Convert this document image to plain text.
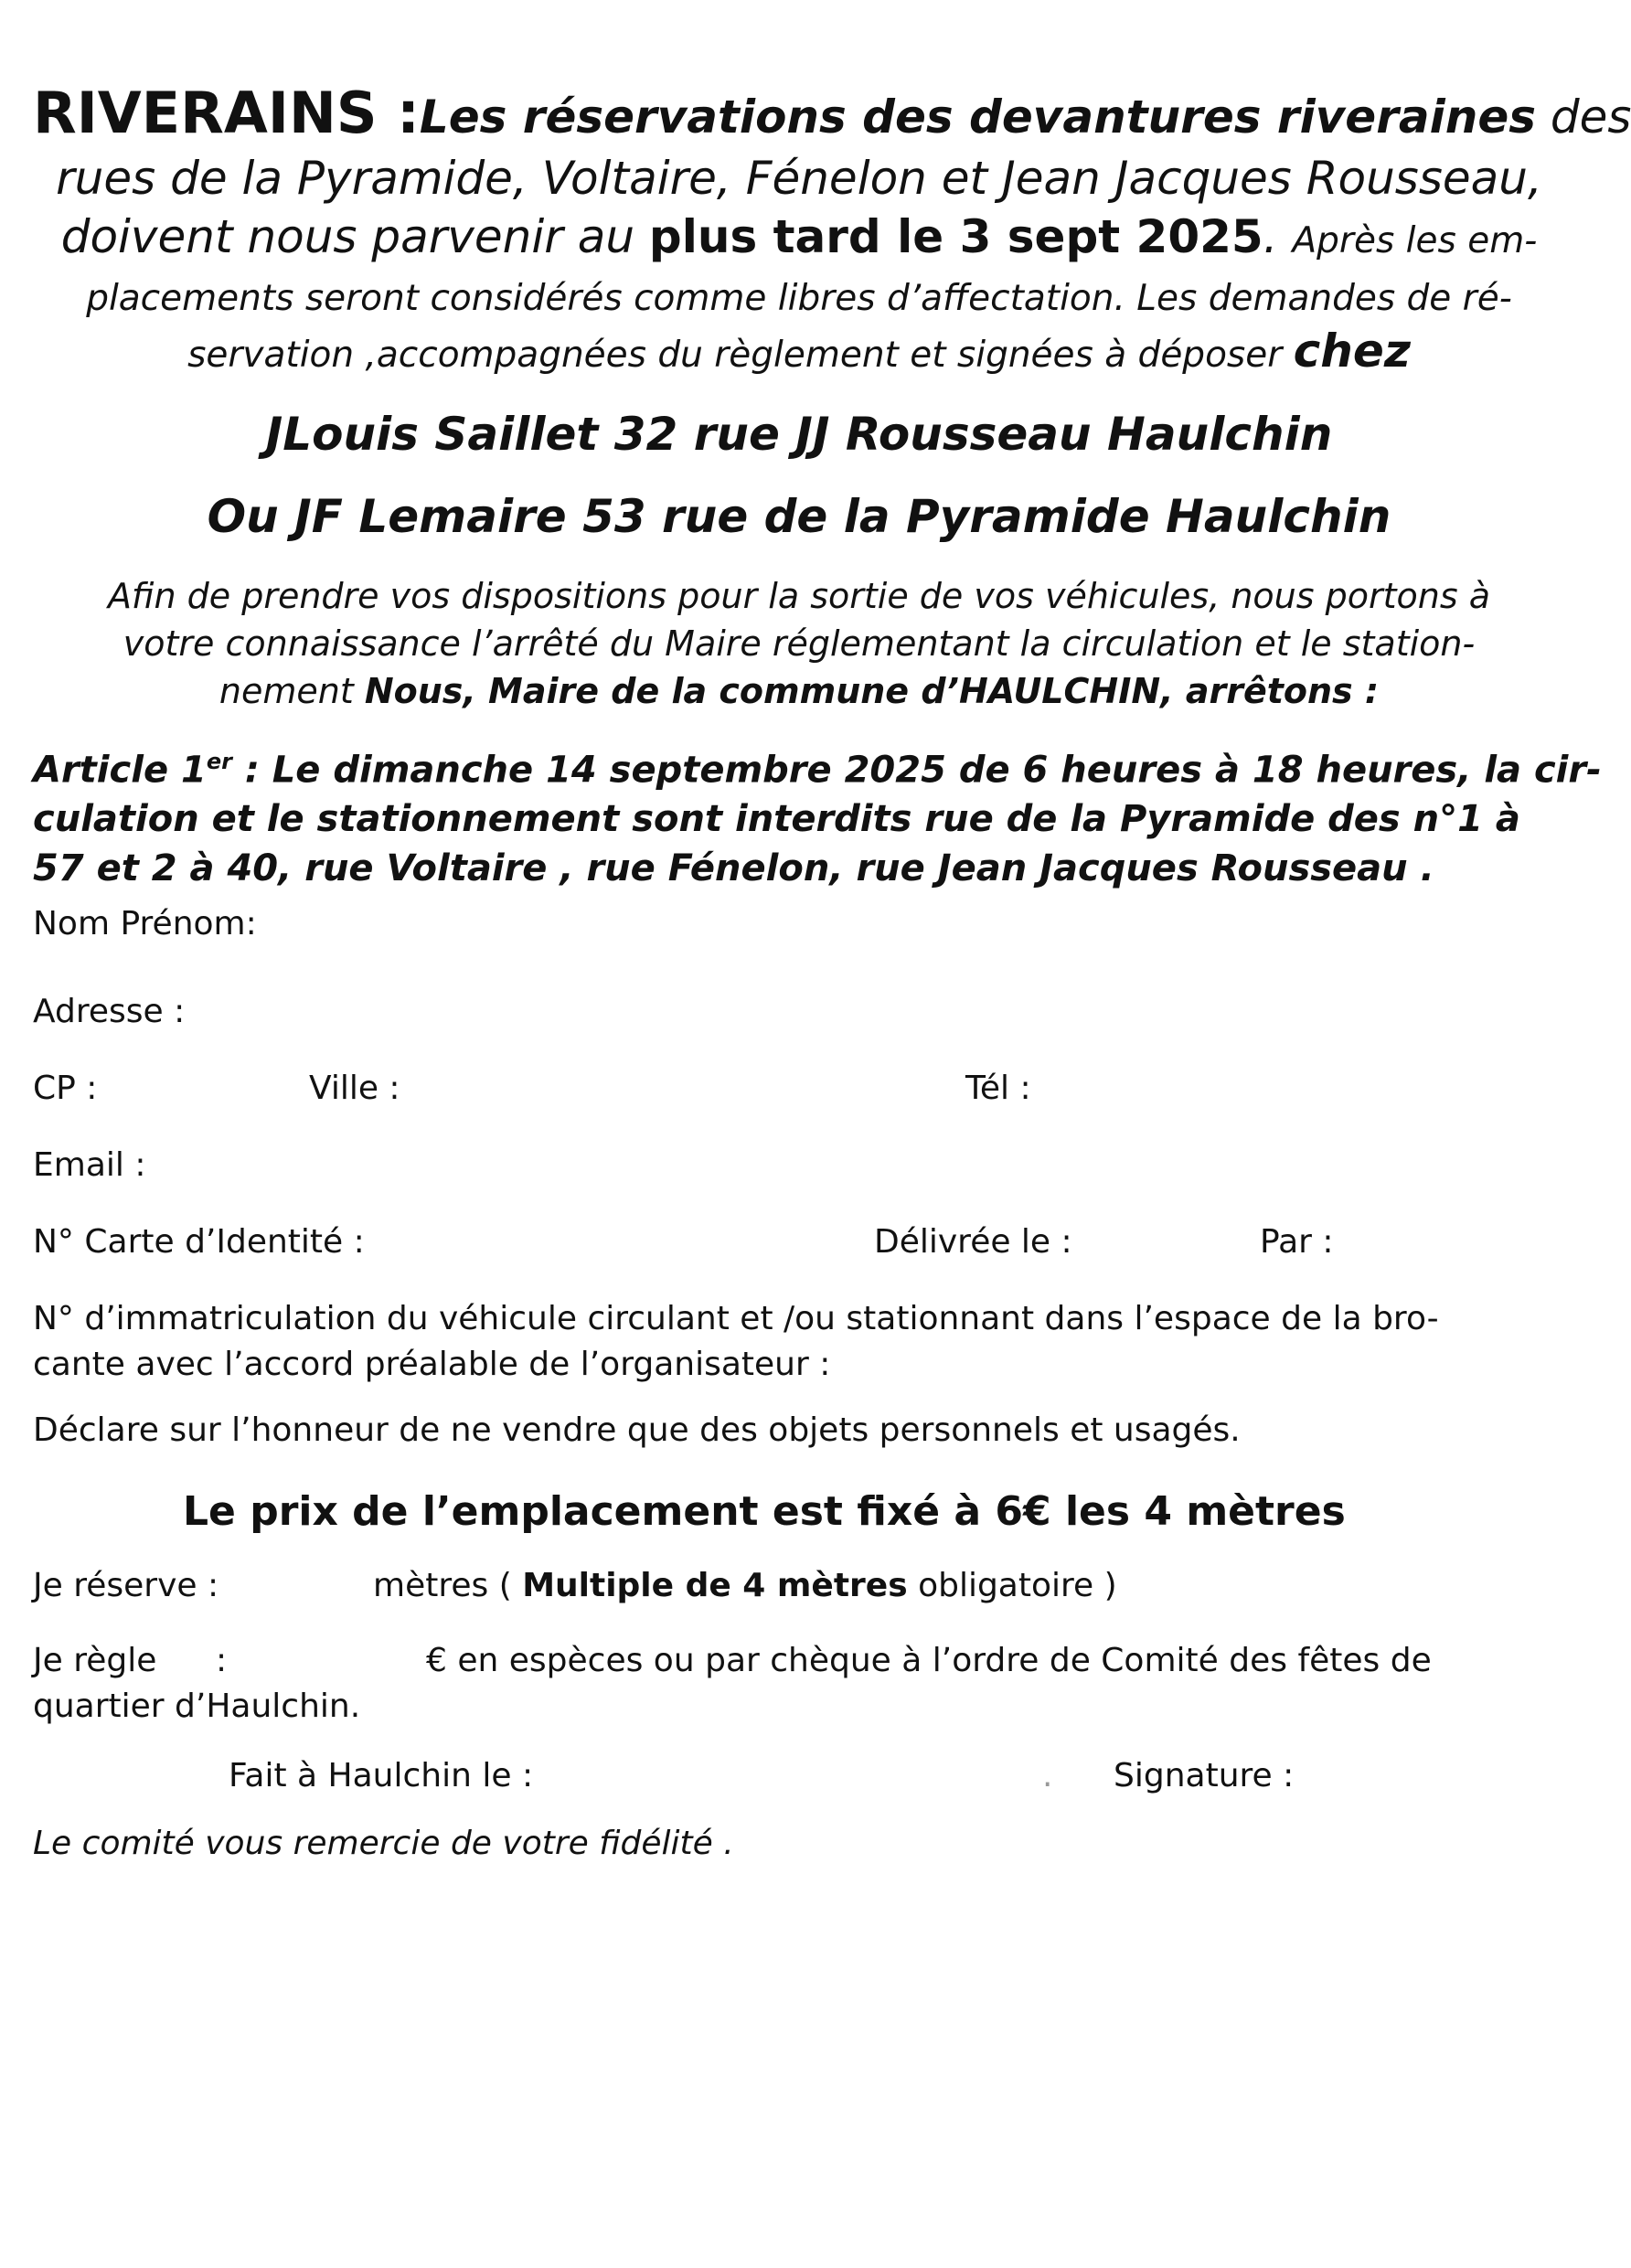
RIVERAINS :Les réservations des devantures riveraines des
rues de la Pyramide, Voltaire, Fénelon et Jean Jacques Rousseau,
doivent nous parvenir au plus tard le 3 sept 2025. Après les em-
placements seront considérés comme libres d’affectation. Les demandes de ré-
servation ,accompagnées du règlement et signées à déposer chez
JLouis Saillet 32 rue JJ Rousseau Haulchin
Ou JF Lemaire 53 rue de la Pyramide Haulchin
Afin de prendre vos dispositions pour la sortie de vos véhicules, nous portons à
votre connaissance l’arrêté du Maire réglementant la circulation et le station-
nement Nous, Maire de la commune d’HAULCHIN, arrêtons :
Article 1er : Le dimanche 14 septembre 2025 de 6 heures à 18 heures, la cir-
culation et le stationnement sont interdits rue de la Pyramide des n°1 à
57 et 2 à 40, rue Voltaire , rue Fénelon, rue Jean Jacques Rousseau .
Nom Prénom:
Adresse :
CP :	Ville :	Tél :
Email :
N° Carte d’Identité :	Délivrée le :	Par :
N° d’immatriculation du véhicule circulant et /ou stationnant dans l’espace de la bro-
cante avec l’accord préalable de l’organisateur :
Déclare sur l’honneur de ne vendre que des objets personnels et usagés.
Le prix de l’emplacement est fixé à 6€ les 4 mètres
Je réserve :	mètres ( Multiple de 4 mètres obligatoire )
Je règle :	€ en espèces ou par chèque à l’ordre de Comité des fêtes de
quartier d’Haulchin.
Fait à Haulchin le :	. Signature :
Le comité vous remercie de votre fidélité .
